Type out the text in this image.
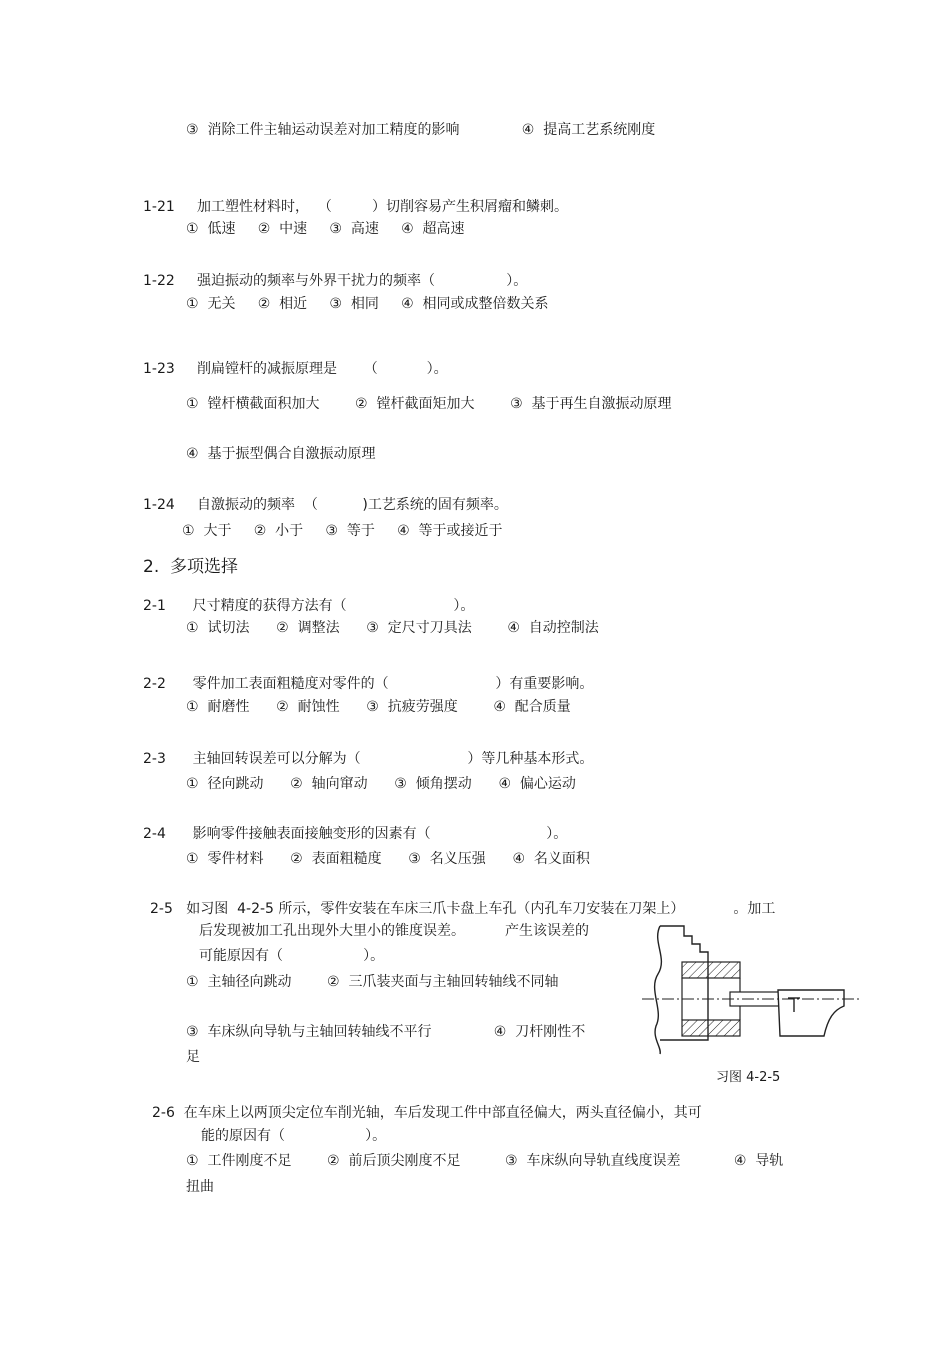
③  消除工件主轴运动误差对加工精度的影响              ④  提高工艺系统刚度
1-21     加工塑性材料时，  （         ）切削容易产生积屑瘤和鳞刺。
①  低速     ②  中速     ③  高速     ④  超高速
1-22     强迫振动的频率与外界干扰力的频率（                ）。
①  无关     ②  相近     ③  相同     ④  相同或成整倍数关系
1-23     削扁镗杆的减振原理是      （           ）。
①  镗杆横截面积加大        ②  镗杆截面矩加大        ③  基于再生自激振动原理
④  基于振型偶合自激振动原理
1-24     自激振动的频率  （          )工艺系统的固有频率。
①  大于     ②  小于     ③  等于     ④  等于或接近于
2.  多项选择
2-1      尺寸精度的获得方法有（                        ）。
①  试切法      ②  调整法      ③  定尺寸刀具法        ④  自动控制法
2-2      零件加工表面粗糙度对零件的（                        ）有重要影响。
①  耐磨性      ②  耐蚀性      ③  抗疲劳强度        ④  配合质量
2-3      主轴回转误差可以分解为（                        ）等几种基本形式。
①  径向跳动      ②  轴向窜动      ③  倾角摆动      ④  偏心运动
2-4      影响零件接触表面接触变形的因素有（                          ）。
①  零件材料      ②  表面粗糙度      ③  名义压强      ④  名义面积
2-5   如习图  4-2-5 所示，零件安装在车床三爪卡盘上车孔（内孔车刀安装在刀架上）           。加工
后发现被加工孔出现外大里小的锥度误差。         产生该误差的
可能原因有（                  ）。
①  主轴径向跳动        ②  三爪装夹面与主轴回转轴线不同轴
③  车床纵向导轨与主轴回转轴线不平行              ④  刀杆刚性不
足
习图 4-2-5
2-6  在车床上以两顶尖定位车削光轴，车后发现工件中部直径偏大，两头直径偏小，其可
能的原因有（                  ）。
①  工件刚度不足        ②  前后顶尖刚度不足          ③  车床纵向导轨直线度误差            ④  导轨
扭曲
